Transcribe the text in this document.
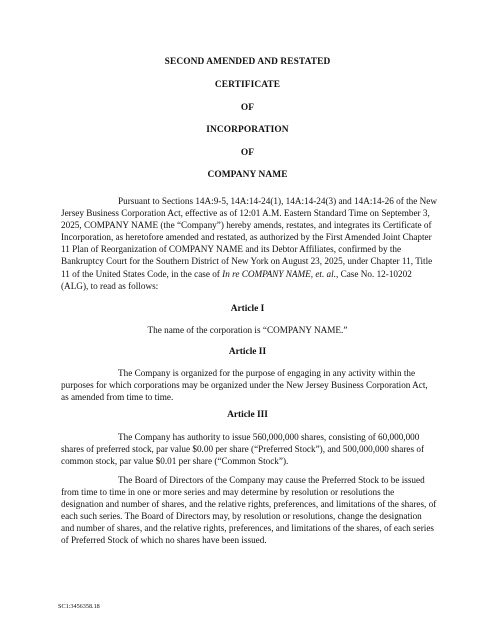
SECOND AMENDED AND RESTATED
CERTIFICATE
OF
INCORPORATION
OF
COMPANY NAME

Pursuant to Sections 14A:9-5, 14A:14-24(1), 14A:14-24(3) and 14A:14-26 of the New Jersey Business Corporation Act, effective as of 12:01 A.M. Eastern Standard Time on September 3, 2025, COMPANY NAME (the “Company”) hereby amends, restates, and integrates its Certificate of Incorporation, as heretofore amended and restated, as authorized by the First Amended Joint Chapter 11 Plan of Reorganization of COMPANY NAME and its Debtor Affiliates, confirmed by the Bankruptcy Court for the Southern District of New York on August 23, 2025, under Chapter 11, Title 11 of the United States Code, in the case of In re COMPANY NAME, et. al., Case No. 12-10202 (ALG), to read as follows:

Article I
The name of the corporation is “COMPANY NAME.”
Article II

The Company is organized for the purpose of engaging in any activity within the purposes for which corporations may be organized under the New Jersey Business Corporation Act, as amended from time to time.

Article III

The Company has authority to issue 560,000,000 shares, consisting of 60,000,000 shares of preferred stock, par value $0.00 per share (“Preferred Stock”), and 500,000,000 shares of common stock, par value $0.01 per share (“Common Stock”).

The Board of Directors of the Company may cause the Preferred Stock to be issued from time to time in one or more series and may determine by resolution or resolutions the designation and number of shares, and the relative rights, preferences, and limitations of the shares, of each such series. The Board of Directors may, by resolution or resolutions, change the designation and number of shares, and the relative rights, preferences, and limitations of the shares, of each series of Preferred Stock of which no shares have been issued.

SC1:3456358.18
